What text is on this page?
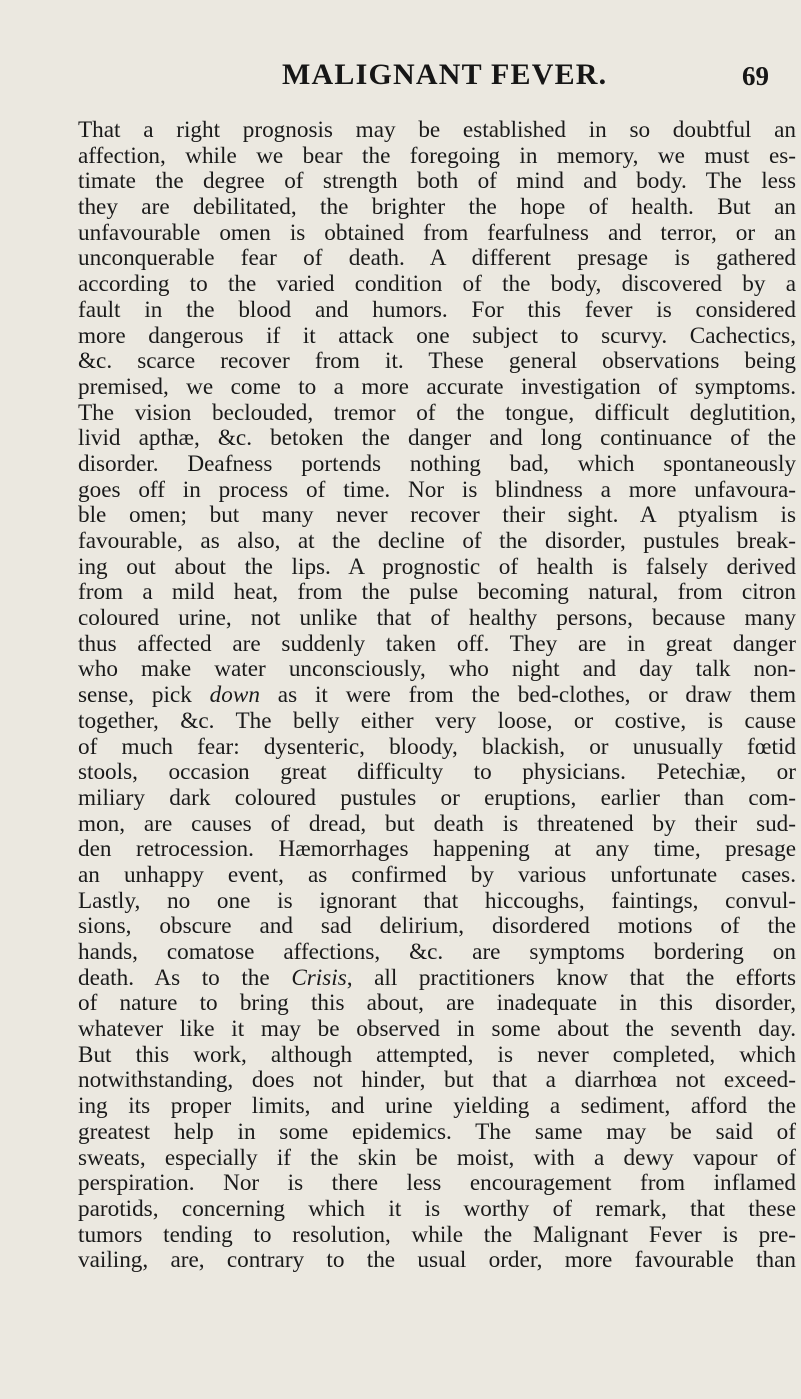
MALIGNANT FEVER.	69
That a right prognosis may be established in so doubtful an
affection, while we bear the foregoing in memory, we must es-
timate the degree of strength both of mind and body. The less
they are debilitated, the brighter the hope of health. But an
unfavourable omen is obtained from fearfulness and terror, or an
unconquerable fear of death. A different presage is gathered
according to the varied condition of the body, discovered by a
fault in the blood and humors. For this fever is considered
more dangerous if it attack one subject to scurvy. Cachectics,
&c. scarce recover from it. These general observations being
premised, we come to a more accurate investigation of symptoms.
The vision beclouded, tremor of the tongue, difficult deglutition,
livid apthæ, &c. betoken the danger and long continuance of the
disorder. Deafness portends nothing bad, which spontaneously
goes off in process of time. Nor is blindness a more unfavoura-
ble omen; but many never recover their sight. A ptyalism is
favourable, as also, at the decline of the disorder, pustules break-
ing out about the lips. A prognostic of health is falsely derived
from a mild heat, from the pulse becoming natural, from citron
coloured urine, not unlike that of healthy persons, because many
thus affected are suddenly taken off. They are in great danger
who make water unconsciously, who night and day talk non-
sense, pick down as it were from the bed-clothes, or draw them
together, &c. The belly either very loose, or costive, is cause
of much fear: dysenteric, bloody, blackish, or unusually fœtid
stools, occasion great difficulty to physicians. Petechiæ, or
miliary dark coloured pustules or eruptions, earlier than com-
mon, are causes of dread, but death is threatened by their sud-
den retrocession. Hæmorrhages happening at any time, presage
an unhappy event, as confirmed by various unfortunate cases.
Lastly, no one is ignorant that hiccoughs, faintings, convul-
sions, obscure and sad delirium, disordered motions of the
hands, comatose affections, &c. are symptoms bordering on
death. As to the Crisis, all practitioners know that the efforts
of nature to bring this about, are inadequate in this disorder,
whatever like it may be observed in some about the seventh day.
But this work, although attempted, is never completed, which
notwithstanding, does not hinder, but that a diarrhœa not exceed-
ing its proper limits, and urine yielding a sediment, afford the
greatest help in some epidemics. The same may be said of
sweats, especially if the skin be moist, with a dewy vapour of
perspiration. Nor is there less encouragement from inflamed
parotids, concerning which it is worthy of remark, that these
tumors tending to resolution, while the Malignant Fever is pre-
vailing, are, contrary to the usual order, more favourable than
